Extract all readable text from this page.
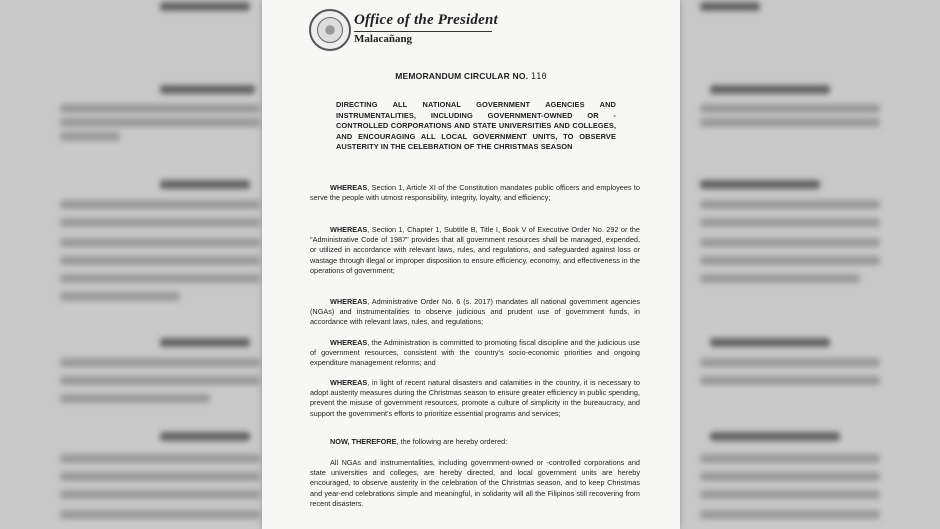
Office of the President
Malacañang
MEMORANDUM CIRCULAR NO. 110
DIRECTING ALL NATIONAL GOVERNMENT AGENCIES AND INSTRUMENTALITIES, INCLUDING GOVERNMENT-OWNED OR -CONTROLLED CORPORATIONS AND STATE UNIVERSITIES AND COLLEGES, AND ENCOURAGING ALL LOCAL GOVERNMENT UNITS, TO OBSERVE AUSTERITY IN THE CELEBRATION OF THE CHRISTMAS SEASON
WHEREAS, Section 1, Article XI of the Constitution mandates public officers and employees to serve the people with utmost responsibility, integrity, loyalty, and efficiency;
WHEREAS, Section 1, Chapter 1, Subtitle B, Title I, Book V of Executive Order No. 292 or the "Administrative Code of 1987" provides that all government resources shall be managed, expended, or utilized in accordance with relevant laws, rules, and regulations, and safeguarded against loss or wastage through illegal or improper disposition to ensure efficiency, economy, and effectiveness in the operations of government;
WHEREAS, Administrative Order No. 6 (s. 2017) mandates all national government agencies (NGAs) and instrumentalities to observe judicious and prudent use of government funds, in accordance with relevant laws, rules, and regulations;
WHEREAS, the Administration is committed to promoting fiscal discipline and the judicious use of government resources, consistent with the country's socio-economic priorities and ongoing expenditure management reforms; and
WHEREAS, in light of recent natural disasters and calamities in the country, it is necessary to adopt austerity measures during the Christmas season to ensure greater efficiency in public spending, prevent the misuse of government resources, promote a culture of simplicity in the bureaucracy, and support the government's efforts to prioritize essential programs and services;
NOW, THEREFORE, the following are hereby ordered:
All NGAs and instrumentalities, including government-owned or -controlled corporations and state universities and colleges, are hereby directed, and local government units are hereby encouraged, to observe austerity in the celebration of the Christmas season, and to keep Christmas and year-end celebrations simple and meaningful, in solidarity will all the Filipinos still recovering from recent disasters.
